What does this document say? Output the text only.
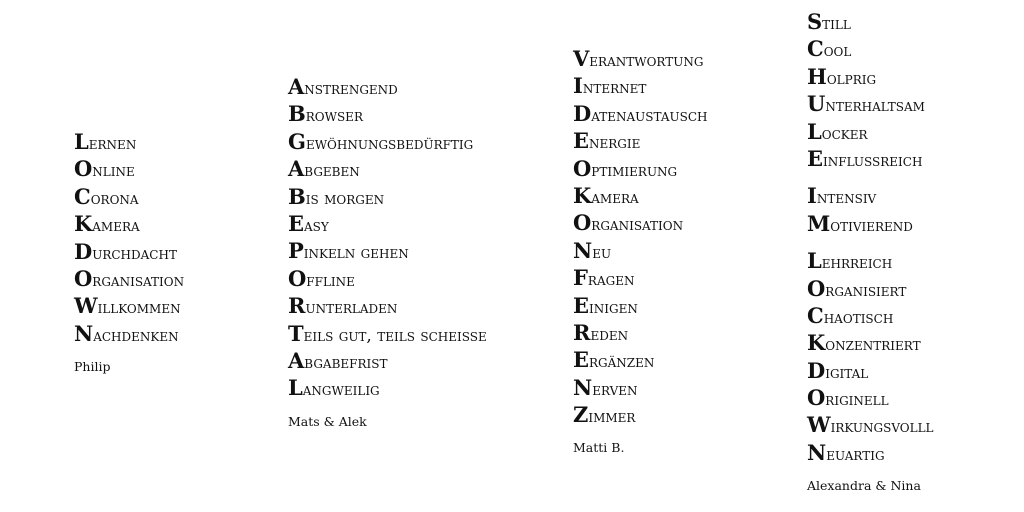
Lernen
Online
Corona
Kamera
Durchdacht
Organisation
Willkommen
Nachdenken
Philip
Anstrengend
Browser
Gewöhnungsbedürftig
Abgeben
Bis morgen
Easy
Pinkeln gehen
Offline
Runterladen
Teils gut, teils scheiße
Abgabefrist
Langweilig
Mats & Alek
Verantwortung
Internet
Datenaustausch
Energie
Optimierung
Kamera
Organisation
Neu
Fragen
Einigen
Reden
Ergänzen
Nerven
Zimmer
Matti B.
Still
Cool
Holprig
Unterhaltsam
Locker
Einflussreich
Intensiv
Motivierend
Lehrreich
Organisiert
Chaotisch
Konzentriert
Digital
Originell
Wirkungsvolll
Neuartig
Alexandra & Nina
